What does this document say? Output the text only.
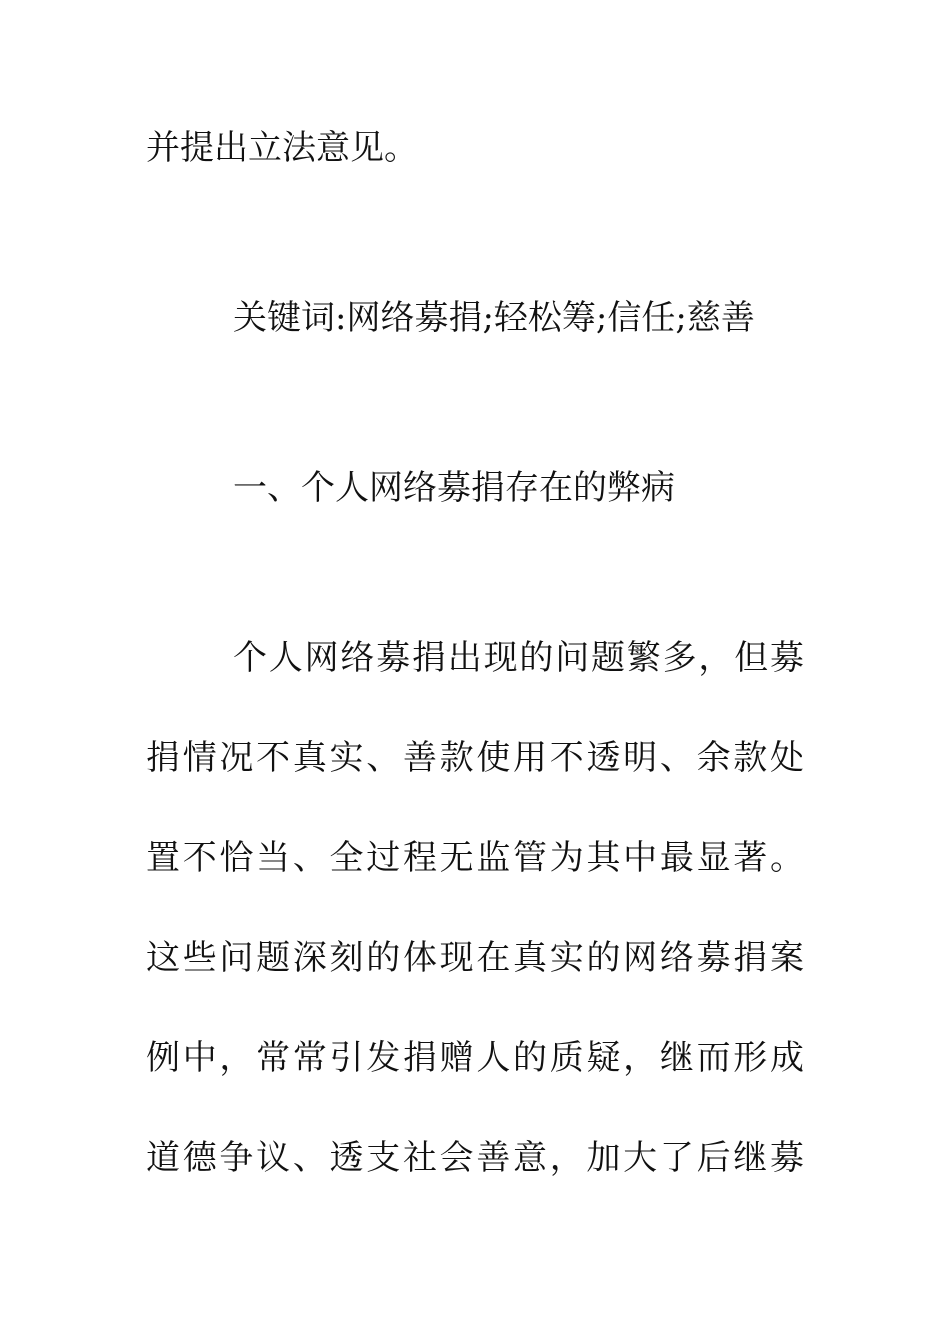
并提出立法意见。
关键词:网络募捐;轻松筹;信任;慈善
一、个人网络募捐存在的弊病
个人网络募捐出现的问题繁多，但募
捐情况不真实、善款使用不透明、余款处
置不恰当、全过程无监管为其中最显著。
这些问题深刻的体现在真实的网络募捐案
例中，常常引发捐赠人的质疑，继而形成
道德争议、透支社会善意，加大了后继募
